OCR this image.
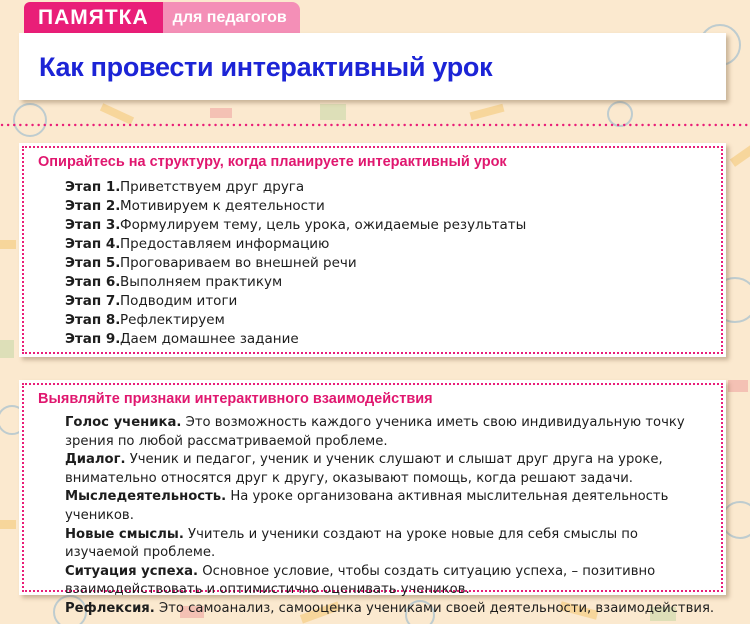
ПАМЯТКА	для педагогов
Как провести интерактивный урок
Опирайтесь на структуру, когда планируете интерактивный урок
Этап 1. Приветствуем друг друга
Этап 2. Мотивируем к деятельности
Этап 3. Формулируем тему, цель урока, ожидаемые результаты
Этап 4. Предоставляем информацию
Этап 5. Проговариваем во внешней речи
Этап 6. Выполняем практикум
Этап 7. Подводим итоги
Этап 8. Рефлектируем
Этап 9. Даем домашнее задание
Выявляйте признаки интерактивного взаимодействия
Голос ученика. Это возможность каждого ученика иметь свою индивидуальную точку зрения по любой рассматриваемой проблеме.
Диалог. Ученик и педагог, ученик и ученик слушают и слышат друг друга на уроке, внимательно относятся друг к другу, оказывают помощь, когда решают задачи.
Мыследеятельность. На уроке организована активная мыслительная деятельность учеников.
Новые смыслы. Учитель и ученики создают на уроке новые для себя смыслы по изучаемой проблеме.
Ситуация успеха. Основное условие, чтобы создать ситуацию успеха, – позитивно взаимодействовать и оптимистично оценивать учеников.
Рефлексия. Это самоанализ, самооценка учениками своей деятельности, взаимодействия.
